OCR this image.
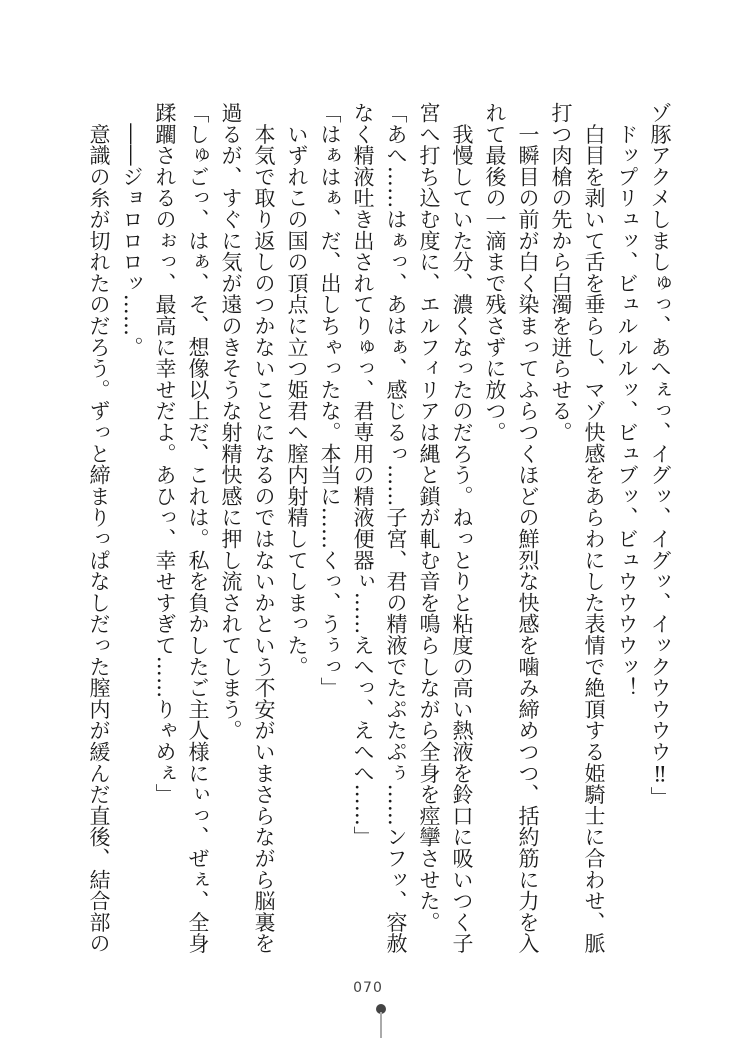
ゾ豚アクメしましゅっ、あへぇっ、イグッ、イグッ、イックウウウウ‼」
　ドップリュッ、ビュルルルッ、ビュブッ、ビュウウウウッ！
　白目を剥いて舌を垂らし、マゾ快感をあらわにした表情で絶頂する姫騎士に合わせ、脈
打つ肉槍の先から白濁を迸らせる。
　一瞬目の前が白く染まってふらつくほどの鮮烈な快感を噛み締めつつ、括約筋に力を入
れて最後の一滴まで残さずに放つ。
　我慢していた分、濃くなったのだろう。ねっとりと粘度の高い熱液を鈴口に吸いつく子
宮へ打ち込む度に、エルフィリアは縄と鎖が軋む音を鳴らしながら全身を痙攣させた。
「あへ……はぁっ、あはぁ、感じるっ……子宮、君の精液でたぷたぷぅ……ンフッ、容赦
なく精液吐き出されてりゅっ、君専用の精液便器ぃ……えへっ、えへへ……」
「はぁはぁ、だ、出しちゃったな。本当に……くっ、うぅっ」
　いずれこの国の頂点に立つ姫君へ膣内射精してしまった。
　本気で取り返しのつかないことになるのではないかという不安がいまさらながら脳裏を
過るが、すぐに気が遠のきそうな射精快感に押し流されてしまう。
「しゅごっ、はぁ、そ、想像以上だ、これは。私を負かしたご主人様にぃっ、ぜぇ、全身
蹂躙されるのぉっ、最高に幸せだよ。あひっ、幸せすぎて……りゃめぇ」
　――ジョロロロッ……。
　意識の糸が切れたのだろう。ずっと締まりっぱなしだった膣内が緩んだ直後、結合部の
070
